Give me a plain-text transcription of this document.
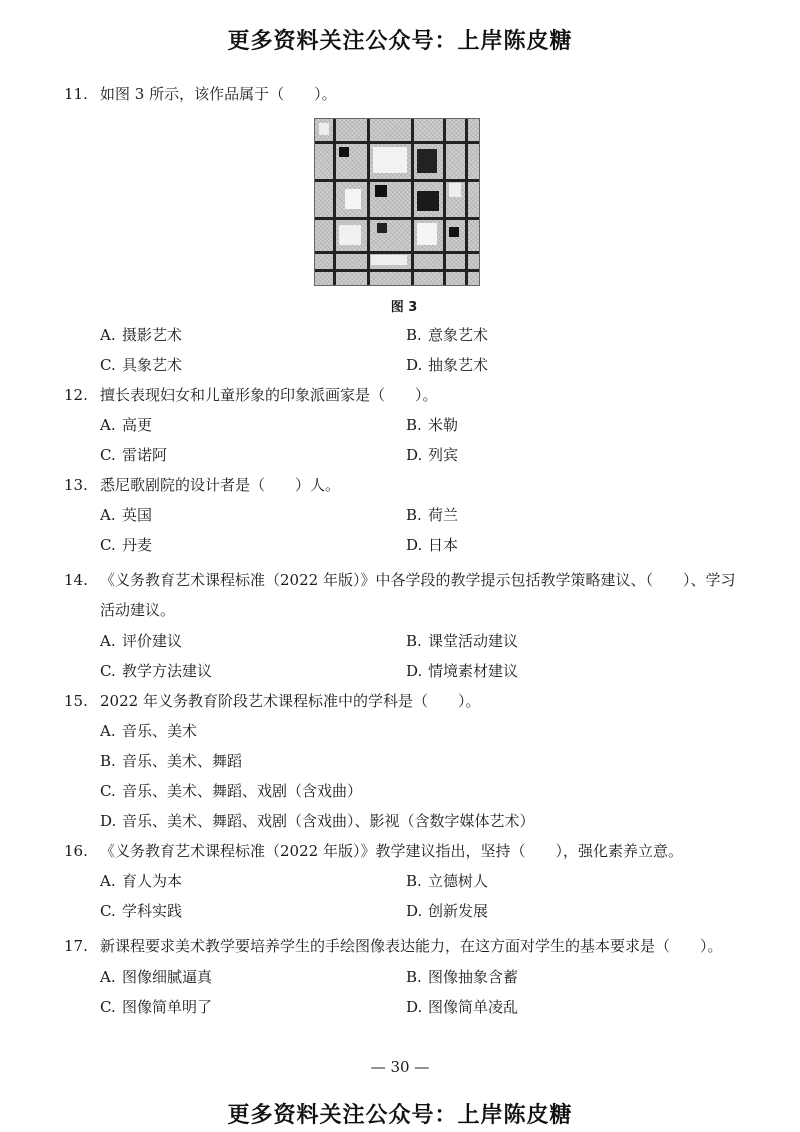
更多资料关注公众号：上岸陈皮糖
11. 如图 3 所示，该作品属于（　　）。
图 3
A. 摄影艺术	B. 意象艺术
C. 具象艺术	D. 抽象艺术
12. 擅长表现妇女和儿童形象的印象派画家是（　　）。
A. 高更	B. 米勒
C. 雷诺阿	D. 列宾
13. 悉尼歌剧院的设计者是（　　）人。
A. 英国	B. 荷兰
C. 丹麦	D. 日本
14. 《义务教育艺术课程标准（2022 年版）》中各学段的教学提示包括教学策略建议、（　　）、学习活动建议。
A. 评价建议	B. 课堂活动建议
C. 教学方法建议	D. 情境素材建议
15. 2022 年义务教育阶段艺术课程标准中的学科是（　　）。
A. 音乐、美术
B. 音乐、美术、舞蹈
C. 音乐、美术、舞蹈、戏剧（含戏曲）
D. 音乐、美术、舞蹈、戏剧（含戏曲）、影视（含数字媒体艺术）
16. 《义务教育艺术课程标准（2022 年版）》教学建议指出，坚持（　　），强化素养立意。
A. 育人为本	B. 立德树人
C. 学科实践	D. 创新发展
17. 新课程要求美术教学要培养学生的手绘图像表达能力，在这方面对学生的基本要求是（　　）。
A. 图像细腻逼真	B. 图像抽象含蓄
C. 图像简单明了	D. 图像简单凌乱
— 30 —
更多资料关注公众号：上岸陈皮糖
